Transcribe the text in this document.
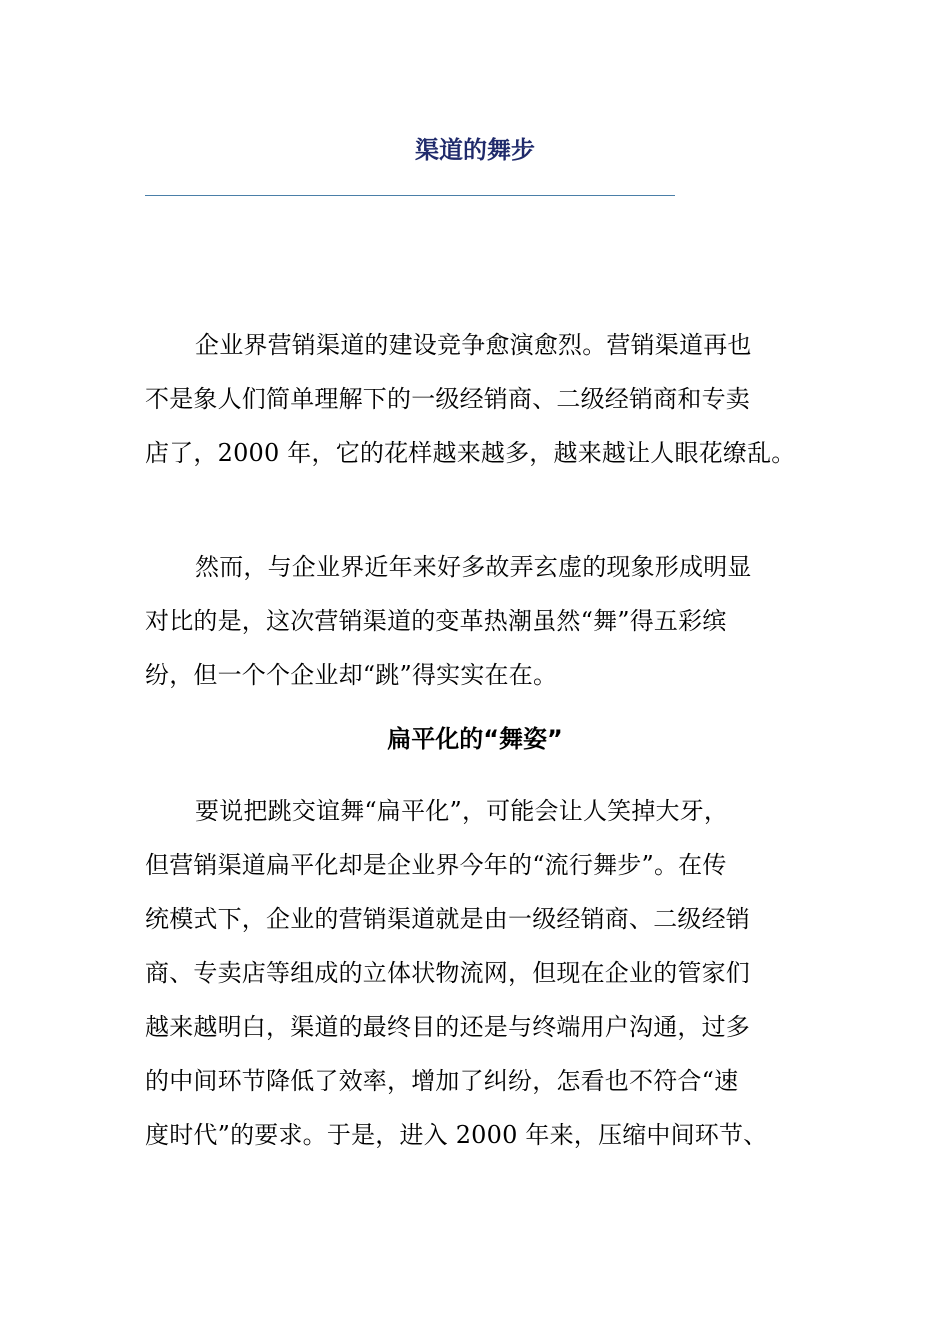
渠道的舞步
企业界营销渠道的建设竞争愈演愈烈。营销渠道再也
不是象人们简单理解下的一级经销商、二级经销商和专卖
店了，2000 年，它的花样越来越多，越来越让人眼花缭乱。
然而，与企业界近年来好多故弄玄虚的现象形成明显
对比的是，这次营销渠道的变革热潮虽然“舞”得五彩缤
纷，但一个个企业却“跳”得实实在在。
扁平化的“舞姿”
要说把跳交谊舞“扁平化”，可能会让人笑掉大牙，
但营销渠道扁平化却是企业界今年的“流行舞步”。在传
统模式下，企业的营销渠道就是由一级经销商、二级经销
商、专卖店等组成的立体状物流网，但现在企业的管家们
越来越明白，渠道的最终目的还是与终端用户沟通，过多
的中间环节降低了效率，增加了纠纷，怎看也不符合“速
度时代”的要求。于是，进入 2000 年来，压缩中间环节、
